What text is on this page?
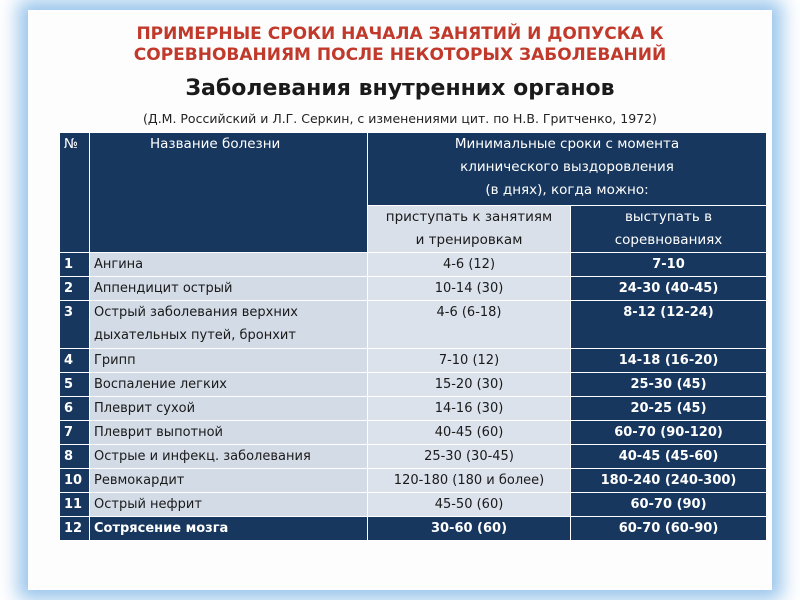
ПРИМЕРНЫЕ СРОКИ НАЧАЛА ЗАНЯТИЙ И ДОПУСКА К
СОРЕВНОВАНИЯМ ПОСЛЕ НЕКОТОРЫХ ЗАБОЛЕВАНИЙ
Заболевания внутренних органов

(Д.М. Российский и Л.Г. Серкин, с изменениями цит. по Н.В. Гритченко, 1972)

№	Название болезни	Минимальные сроки с момента
клинического выздоровления
(в днях), когда можно:	
		приступать к занятиям
и тренировкам	выступать в
соревнованиях
1	Ангина	4-6 (12)	7-10
2	Аппендицит острый	10-14 (30)	24-30 (40-45)
3	Острый заболевания верхних
дыхательных путей, бронхит	4-6 (6-18)	8-12 (12-24)
4	Грипп	7-10 (12)	14-18 (16-20)
5	Воспаление легких	15-20 (30)	25-30 (45)
6	Плеврит сухой	14-16 (30)	20-25 (45)
7	Плеврит выпотной	40-45 (60)	60-70 (90-120)
8	Острые и инфекц. заболевания	25-30 (30-45)	40-45 (45-60)
10	Ревмокардит	120-180 (180 и более)	180-240 (240-300)
11	Острый нефрит	45-50 (60)	60-70 (90)
12	Сотрясение мозга	30-60 (60)	60-70 (60-90)
